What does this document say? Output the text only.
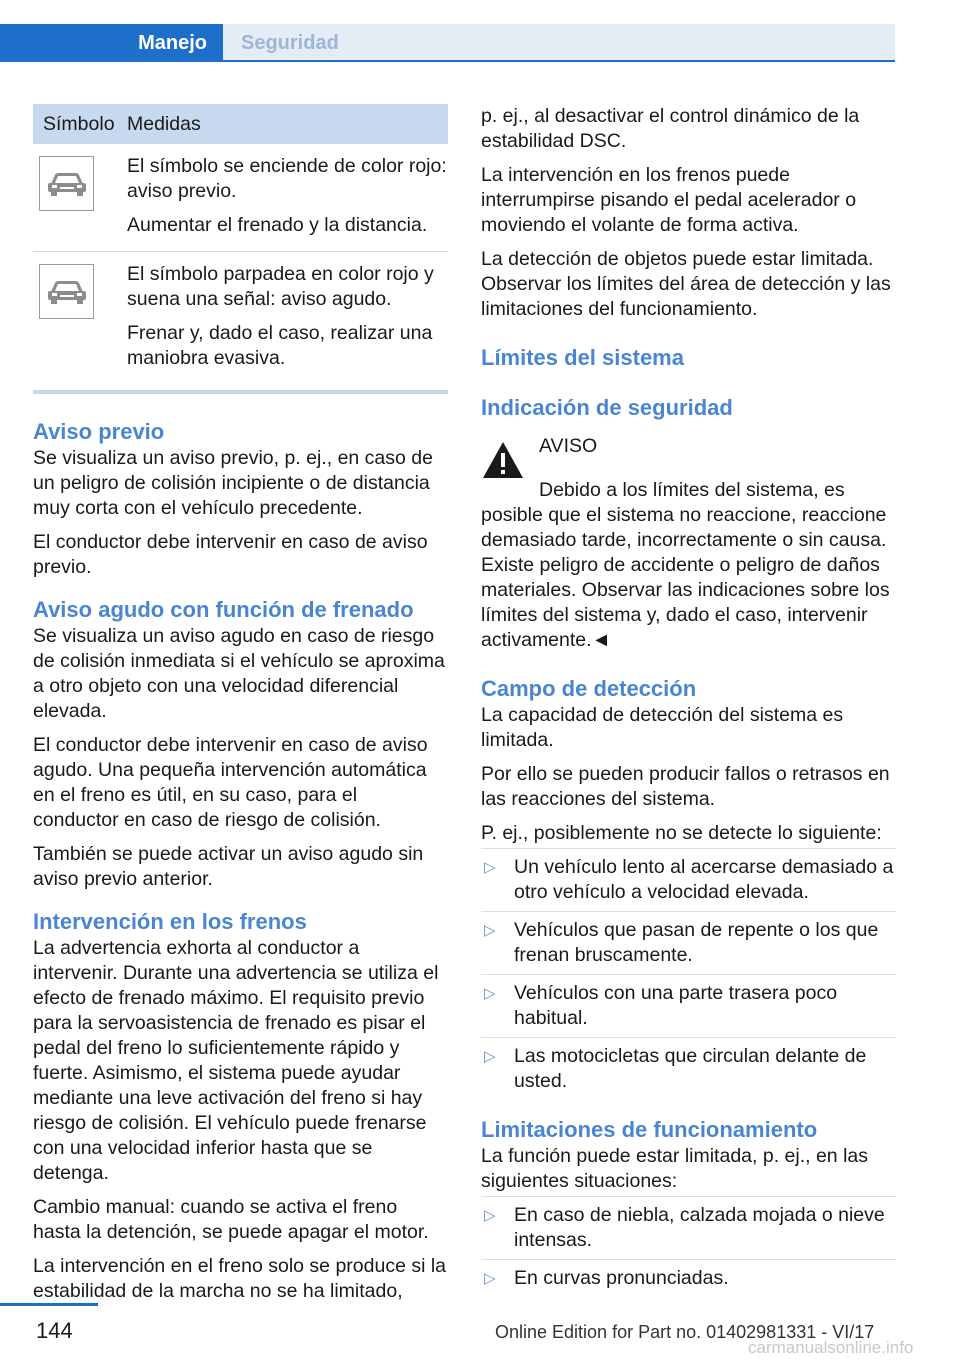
Manejo	Seguridad
Símbolo Medidas

El símbolo se enciende de color rojo: aviso previo.

Aumentar el frenado y la distancia.

El símbolo parpadea en color rojo y suena una señal: aviso agudo.

Frenar y, dado el caso, realizar una maniobra evasiva.

Aviso previo

Se visualiza un aviso previo, p. ej., en caso de un peligro de colisión incipiente o de distancia muy corta con el vehículo precedente.

El conductor debe intervenir en caso de aviso previo.

Aviso agudo con función de frenado

Se visualiza un aviso agudo en caso de riesgo de colisión inmediata si el vehículo se aproxima a otro objeto con una velocidad diferencial elevada.

El conductor debe intervenir en caso de aviso agudo. Una pequeña intervención automática en el freno es útil, en su caso, para el conductor en caso de riesgo de colisión.

También se puede activar un aviso agudo sin aviso previo anterior.

Intervención en los frenos

La advertencia exhorta al conductor a intervenir. Durante una advertencia se utiliza el efecto de frenado máximo. El requisito previo para la servoasistencia de frenado es pisar el pedal del freno lo suficientemente rápido y fuerte. Asimismo, el sistema puede ayudar mediante una leve activación del freno si hay riesgo de colisión. El vehículo puede frenarse con una velocidad inferior hasta que se detenga.

Cambio manual: cuando se activa el freno hasta la detención, se puede apagar el motor.

La intervención en el freno solo se produce si la estabilidad de la marcha no se ha limitado,

p. ej., al desactivar el control dinámico de la estabilidad DSC.

La intervención en los frenos puede interrumpirse pisando el pedal acelerador o moviendo el volante de forma activa.

La detección de objetos puede estar limitada. Observar los límites del área de detección y las limitaciones del funcionamiento.

Límites del sistema
Indicación de seguridad

AVISO

Debido a los límites del sistema, es posible que el sistema no reaccione, reaccione demasiado tarde, incorrectamente o sin causa. Existe peligro de accidente o peligro de daños materiales. Observar las indicaciones sobre los límites del sistema y, dado el caso, intervenir activamente.◄

Campo de detección

La capacidad de detección del sistema es limitada.

Por ello se pueden producir fallos o retrasos en las reacciones del sistema.

P. ej., posiblemente no se detecte lo siguiente:

▷ Un vehículo lento al acercarse demasiado a otro vehículo a velocidad elevada.
▷ Vehículos que pasan de repente o los que frenan bruscamente.
▷ Vehículos con una parte trasera poco habitual.
▷ Las motocicletas que circulan delante de usted.
Limitaciones de funcionamiento

La función puede estar limitada, p. ej., en las siguientes situaciones:

▷ En caso de niebla, calzada mojada o nieve intensas.
▷ En curvas pronunciadas.
144	Online Edition for Part no. 01402981331 - VI/17
carmanualsonline.info
